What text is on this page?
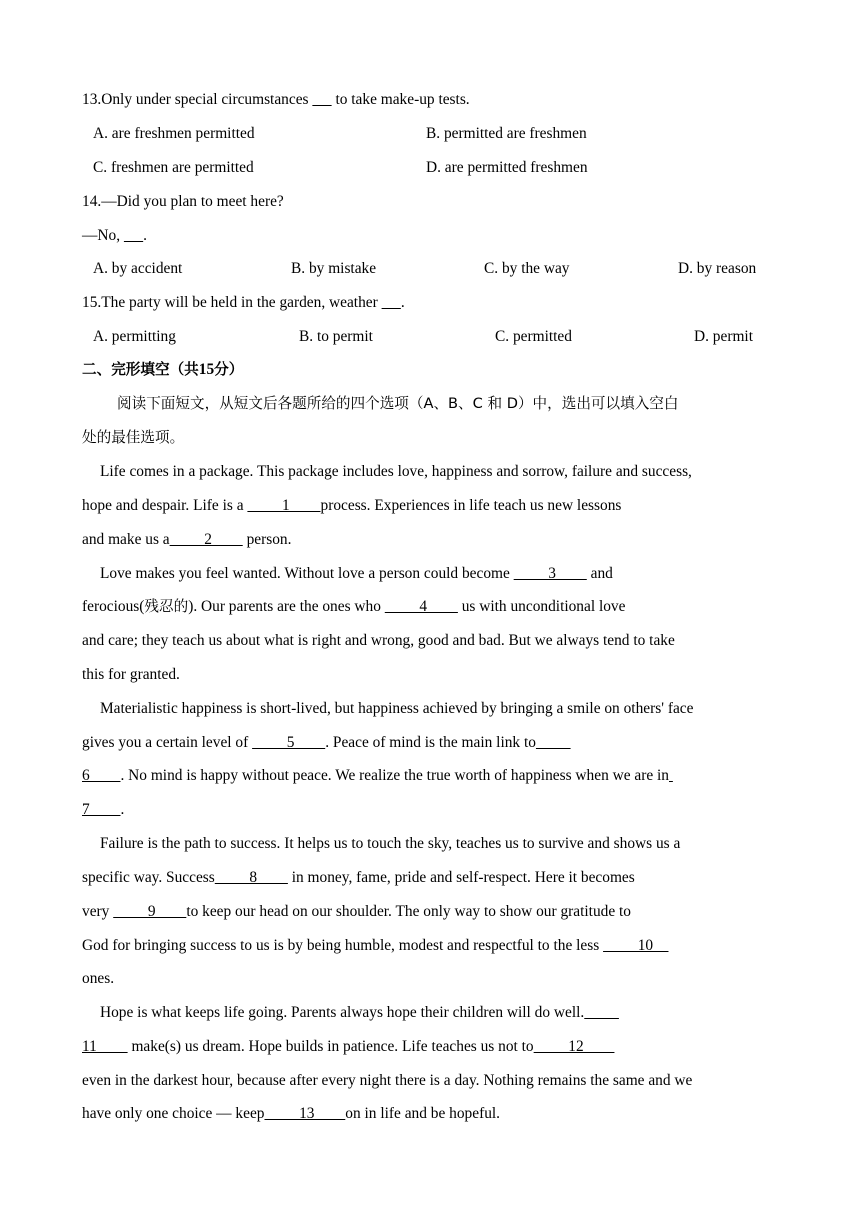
13.Only under special circumstances       to take make-up tests.
A. are freshmen permitted	B. permitted are freshmen
C. freshmen are permitted	D. are permitted freshmen
14.—Did you plan to meet here?
—No,      .
A. by accident	B. by mistake	C. by the way	D. by reason
15.The party will be held in the garden, weather      .
A. permitting	B. to permit	C. permitted	D. permit
二、完形填空（共15分）
阅读下面短文，从短文后各题所给的四个选项（A、B、C 和 D）中，选出可以填入空白
处的最佳选项。
Life comes in a package. This package includes love, happiness and sorrow, failure and success,
hope and despair. Life is a          1        process. Experiences in life teach us new lessons
and make us a         2         person.
Love makes you feel wanted. Without love a person could become          3         and
ferocious(残忍的). Our parents are the ones who          4         us with unconditional love
and care; they teach us about what is right and wrong, good and bad. But we always tend to take
this for granted.
Materialistic happiness is short-lived, but happiness achieved by bringing a smile on others' face
gives you a certain level of          5        . Peace of mind is the main link to
6        . No mind is happy without peace. We realize the true worth of happiness when we are in
7        .
Failure is the path to success. It helps us to touch the sky, teaches us to survive and shows us a
specific way. Success         8         in money, fame, pride and self-respect. Here it becomes
very          9        to keep our head on our shoulder. The only way to show our gratitude to
God for bringing success to us is by being humble, modest and respectful to the less          10
ones.
Hope is what keeps life going. Parents always hope their children will do well.
11         make(s) us dream. Hope builds in patience. Life teaches us not to         12
even in the darkest hour, because after every night there is a day. Nothing remains the same and we
have only one choice — keep         13        on in life and be hopeful.
